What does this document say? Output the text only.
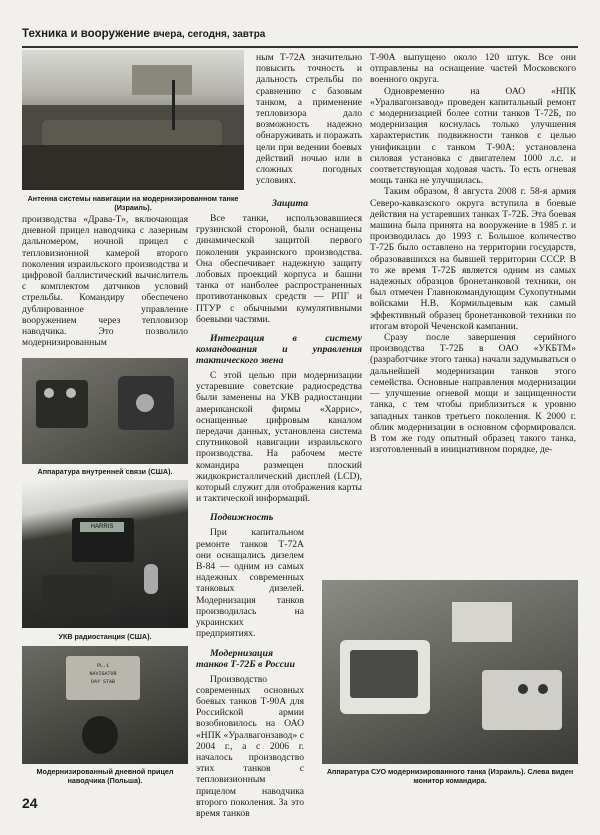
Техника и вооружение вчера, сегодня, завтра
Антенна системы навигации на модернизированном танке (Израиль).

производства «Драва-Т», включающая дневной прицел наводчика с лазерным дальномером, ночной прицел с тепловизионной камерой второго поколения израильского производства и цифровой баллистический вычислитель с комплектом датчиков условий стрельбы. Командиру обеспечено дублированное управление вооружением через тепловизор наводчика. Это позволило модернизированным

Аппаратура внутренней связи (США).
HARRIS
УКВ радиостанция (США).
PL.1
NAVIGATOR
DAY STAB
Модернизированный дневной прицел наводчика (Польша).

ным Т-72А значительно повысить точность и дальность стрельбы по сравнению с базовым танком, а применение тепловизора дало возможность надежно обнаруживать и поражать цели при ведении боевых действий ночью или в сложных погодных условиях.

Защита

Все танки, использовавшиеся грузинской стороной, были оснащены динамической защитой первого поколения украинского производства. Она обеспечивает надежную защиту лобовых проекций корпуса и башни танка от наиболее распространенных противотанковых средств — РПГ и ПТУР с обычными кумулятивными боевыми частями.

Интеграция в систему командования и управления тактического звена

С этой целью при модернизации устаревшие советские радиосредства были заменены на УКВ радиостанции американской фирмы «Харрис», оснащенные цифровым каналом передачи данных, установлена система спутниковой навигации израильского производства. На рабочем месте командира размещен плоский жидкокристаллический дисплей (LCD), который служит для отображения карты и тактической информаций.

Подвижность

При капитальном ремонте танков Т-72А они оснащались дизелем В-84 — одним из самых надежных современных танковых дизелей. Модернизация танков производилась на украинских предприятиях.

Модернизация танков Т-72Б в России

Производство современных основных боевых танков Т-90А для Российской армии возобновилось на ОАО «НПК «Уралвагонзавод» с 2004 г., а с 2006 г. началось производство этих танков с тепловизионным прицелом наводчика второго поколения. За это время танков

Т-90А выпущено около 120 штук. Все они отправлены на оснащение частей Московского военного округа.

Одновременно на ОАО «НПК «Уралвагонзавод» проведен капитальный ремонт с модернизацией более сотни танков Т-72Б, по модернизация коснулась только улучшения характеристик подвижности танков с целью унификации с танком Т-90А: установлена силовая установка с двигателем 1000 л.с. и соответствующая ходовая часть. То есть огневая мощь танка не улучшилась.

Таким образом, 8 августа 2008 г. 58-я армия Северо-кавказского округа вступила в боевые действия на устаревших танках Т-72Б. Эта боевая машина была принята на вооружение в 1985 г. и производилась до 1993 г. Большое количество Т-72Б было оставлено на территории государств, образовавшихся на бывшей территории СССР. В то же время Т-72Б является одним из самых надежных образцов бронетанковой техники, он был отмечен Главнокомандующим Сухопутными войсками Н.В. Кормильцевым как самый эффективный образец бронетанковой техники по итогам второй Чеченской кампании.

Сразу после завершения серийного производства Т-72Б в ОАО «УКБТМ» (разработчике этого танка) начали задумываться о дальнейшей модернизации танков этого семейства. Основные направления модернизации — улучшение огневой мощи и защищенности танка, с тем чтобы приблизиться к уровню западных танков третьего поколения. К 2000 г. облик модернизации в основном сформировался. В том же году опытный образец такого танка, изготовленный в инициативном порядке, де-

Аппаратура СУО модернизированного танка (Израиль). Слева виден монитор командира.
24
